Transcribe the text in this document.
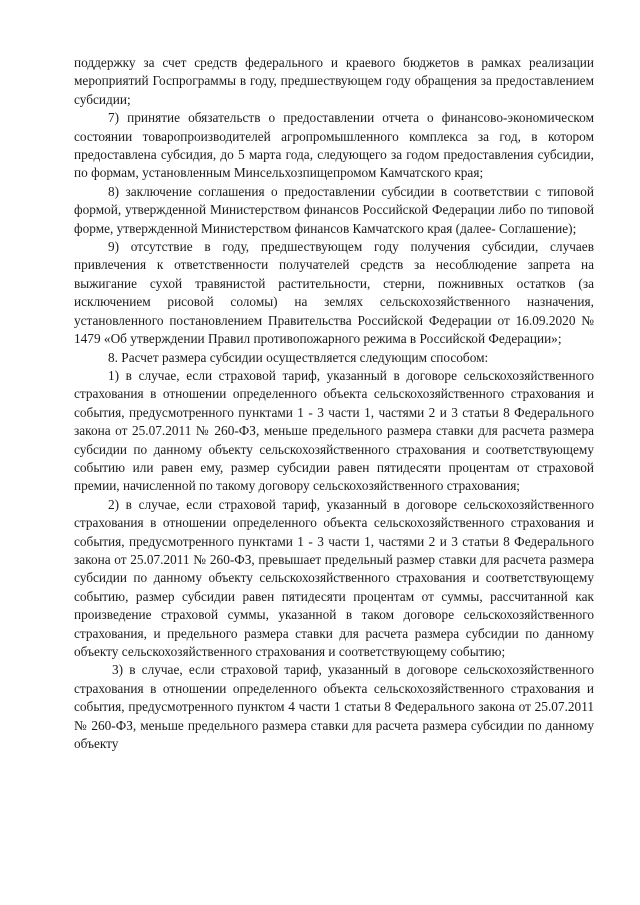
поддержку за счет средств федерального и краевого бюджетов в рамках реализации мероприятий Госпрограммы в году, предшествующем году обращения за предоставлением субсидии;

7) принятие обязательств о предоставлении отчета о финансово-экономическом состоянии товаропроизводителей агропромышленного комплекса за год, в котором предоставлена субсидия, до 5 марта года, следующего за годом предоставления субсидии, по формам, установленным Минсельхозпищепромом Камчатского края;

8) заключение соглашения о предоставлении субсидии в соответствии с типовой формой, утвержденной Министерством финансов Российской Федерации либо по типовой форме, утвержденной Министерством финансов Камчатского края (далее- Соглашение);

9) отсутствие в году, предшествующем году получения субсидии, случаев привлечения к ответственности получателей средств за несоблюдение запрета на выжигание сухой травянистой растительности, стерни, пожнивных остатков (за исключением рисовой соломы) на землях сельскохозяйственного назначения, установленного постановлением Правительства Российской Федерации от 16.09.2020 № 1479 «Об утверждении Правил противопожарного режима в Российской Федерации»;

8. Расчет размера субсидии осуществляется следующим способом:

1) в случае, если страховой тариф, указанный в договоре сельскохозяйственного страхования в отношении определенного объекта сельскохозяйственного страхования и события, предусмотренного пунктами 1 - 3 части 1, частями 2 и 3 статьи 8 Федерального закона от 25.07.2011 № 260-ФЗ, меньше предельного размера ставки для расчета размера субсидии по данному объекту сельскохозяйственного страхования и соответствующему событию или равен ему, размер субсидии равен пятидесяти процентам от страховой премии, начисленной по такому договору сельскохозяйственного страхования;

2) в случае, если страховой тариф, указанный в договоре сельскохозяйственного страхования в отношении определенного объекта сельскохозяйственного страхования и события, предусмотренного пунктами 1 - 3 части 1, частями 2 и 3 статьи 8 Федерального закона от 25.07.2011 № 260-ФЗ, превышает предельный размер ставки для расчета размера субсидии по данному объекту сельскохозяйственного страхования и соответствующему событию, размер субсидии равен пятидесяти процентам от суммы, рассчитанной как произведение страховой суммы, указанной в таком договоре сельскохозяйственного страхования, и предельного размера ставки для расчета размера субсидии по данному объекту сельскохозяйственного страхования и соответствующему событию;

3) в случае, если страховой тариф, указанный в договоре сельскохозяйственного страхования в отношении определенного объекта сельскохозяйственного страхования и события, предусмотренного пунктом 4 части 1 статьи 8 Федерального закона от 25.07.2011 № 260-ФЗ, меньше предельного размера ставки для расчета размера субсидии по данному объекту
